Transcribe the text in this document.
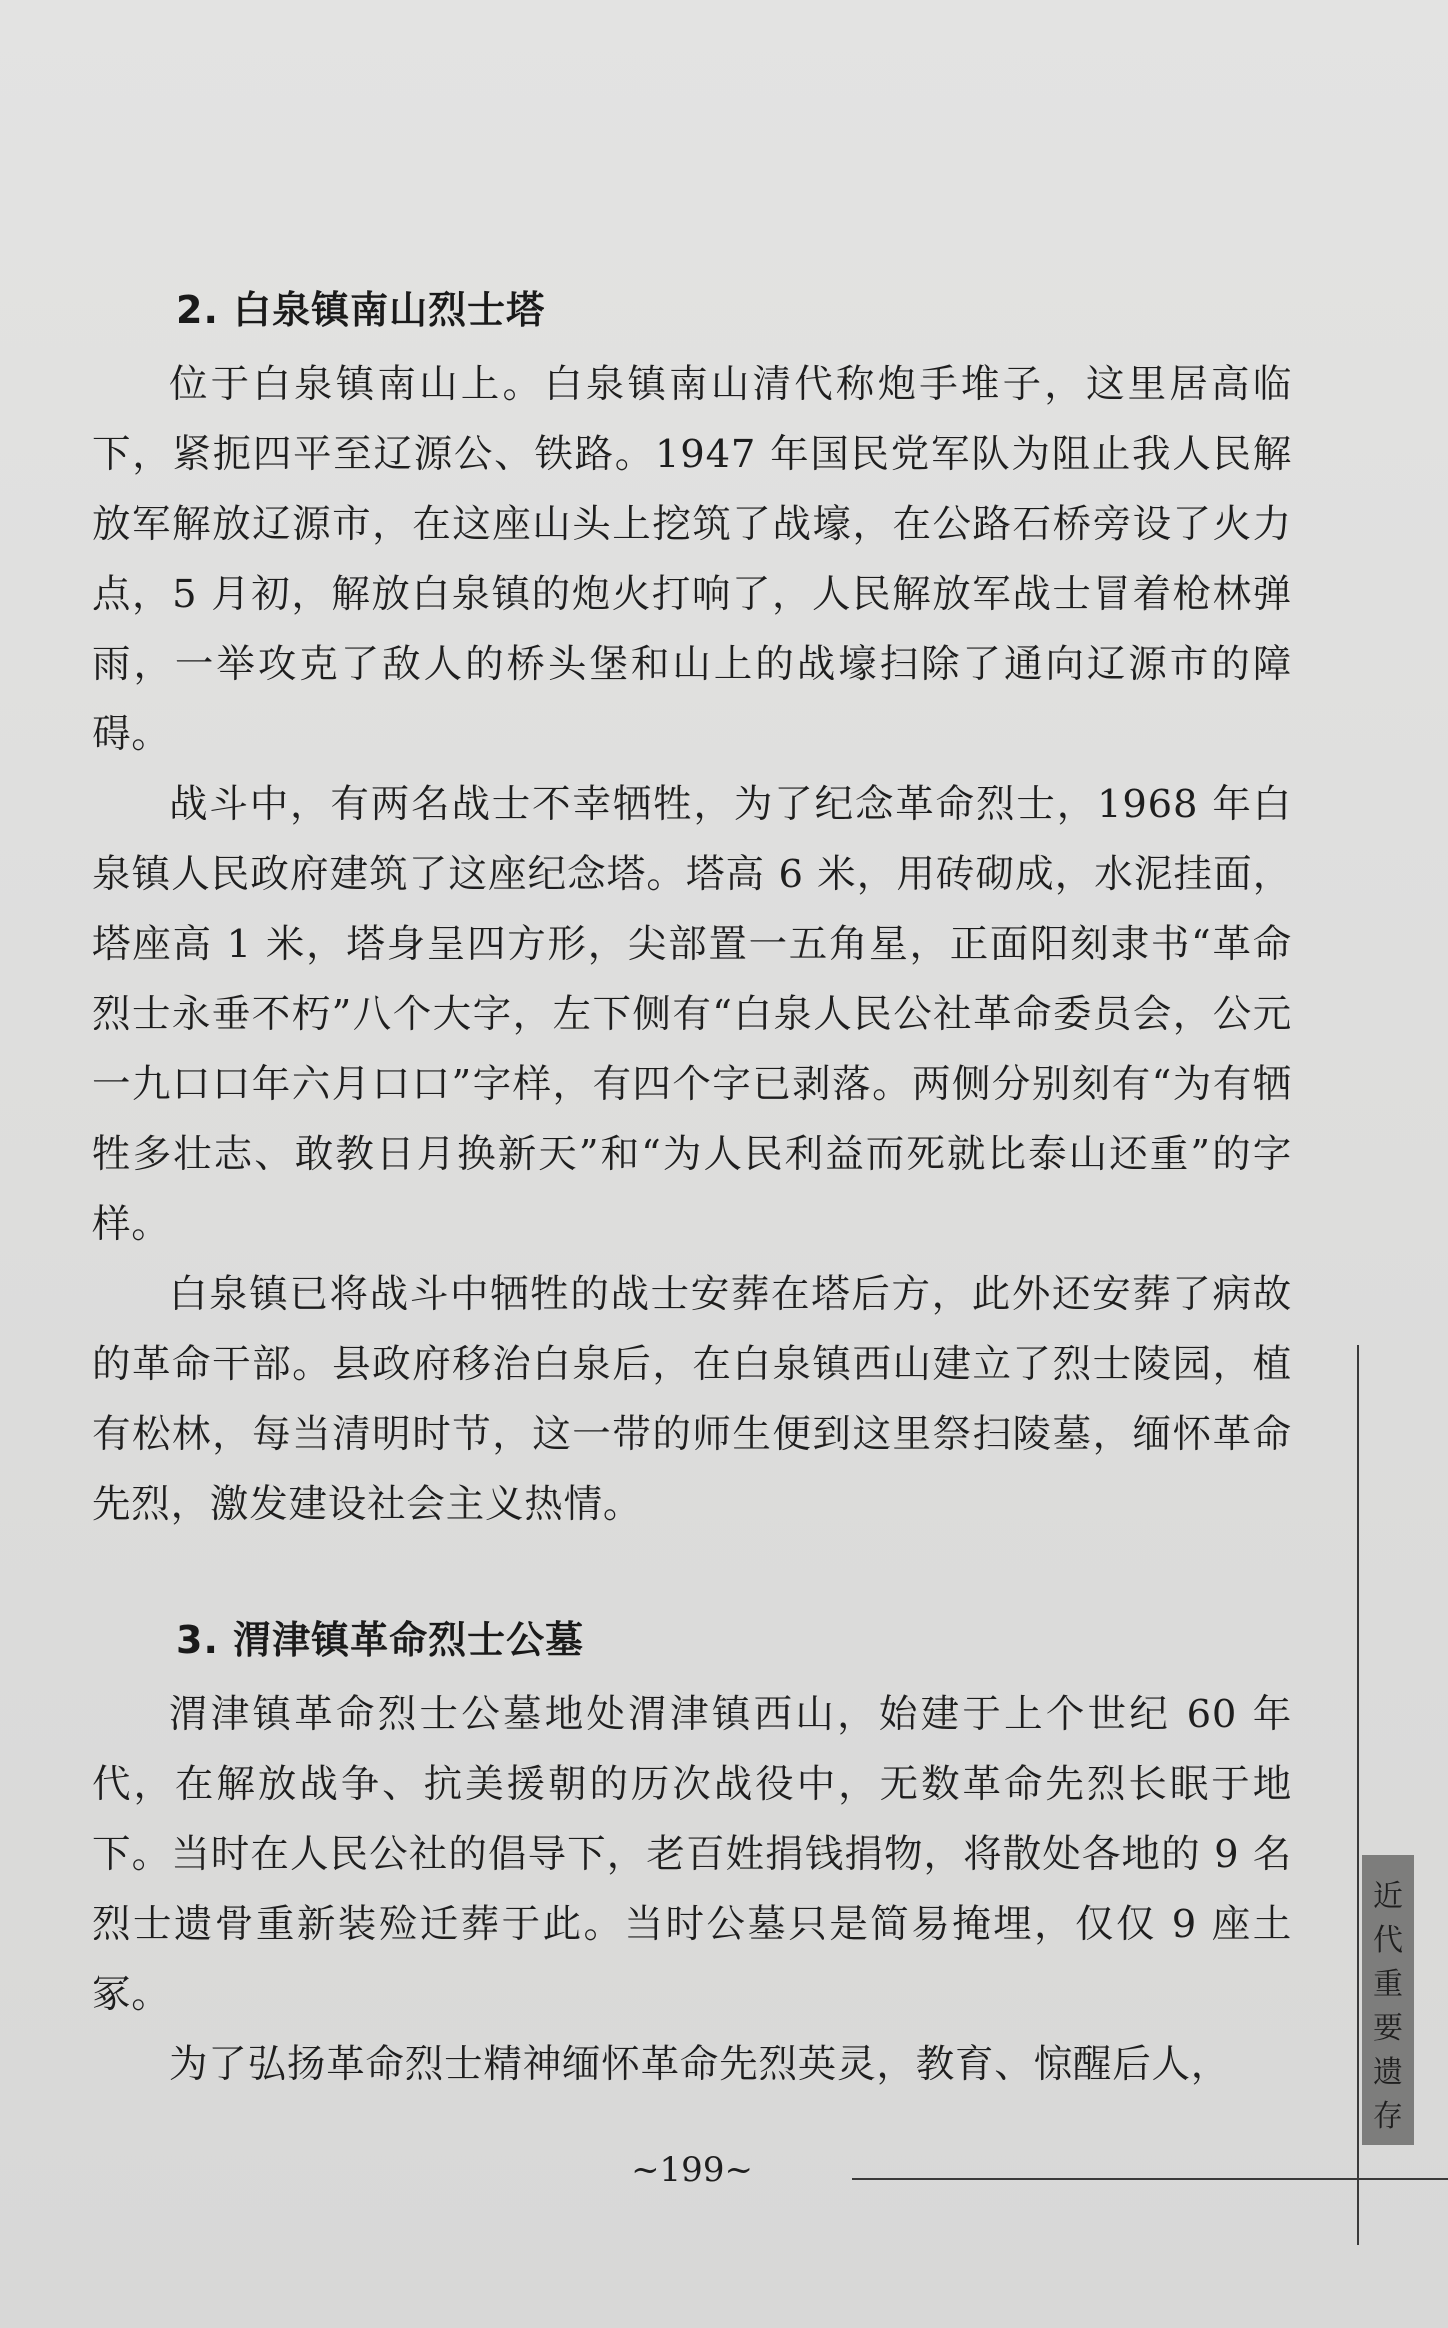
2. 白泉镇南山烈士塔

位于白泉镇南山上。白泉镇南山清代称炮手堆子，这里居高临下，紧扼四平至辽源公、铁路。1947 年国民党军队为阻止我人民解放军解放辽源市，在这座山头上挖筑了战壕，在公路石桥旁设了火力点，5 月初，解放白泉镇的炮火打响了，人民解放军战士冒着枪林弹雨，一举攻克了敌人的桥头堡和山上的战壕扫除了通向辽源市的障碍。

战斗中，有两名战士不幸牺牲，为了纪念革命烈士，1968 年白泉镇人民政府建筑了这座纪念塔。塔高 6 米，用砖砌成，水泥挂面，塔座高 1 米，塔身呈四方形，尖部置一五角星，正面阳刻隶书“革命烈士永垂不朽”八个大字，左下侧有“白泉人民公社革命委员会，公元一九口口年六月口口”字样，有四个字已剥落。两侧分别刻有“为有牺牲多壮志、敢教日月换新天”和“为人民利益而死就比泰山还重”的字样。

白泉镇已将战斗中牺牲的战士安葬在塔后方，此外还安葬了病故的革命干部。县政府移治白泉后，在白泉镇西山建立了烈士陵园，植有松林，每当清明时节，这一带的师生便到这里祭扫陵墓，缅怀革命先烈，激发建设社会主义热情。

3. 渭津镇革命烈士公墓

渭津镇革命烈士公墓地处渭津镇西山，始建于上个世纪 60 年代，在解放战争、抗美援朝的历次战役中，无数革命先烈长眠于地下。当时在人民公社的倡导下，老百姓捐钱捐物，将散处各地的 9 名烈士遗骨重新装殓迁葬于此。当时公墓只是简易掩埋，仅仅 9 座土冢。

为了弘扬革命烈士精神缅怀革命先烈英灵，教育、惊醒后人，

~199~
近
代
重
要
遗
存
